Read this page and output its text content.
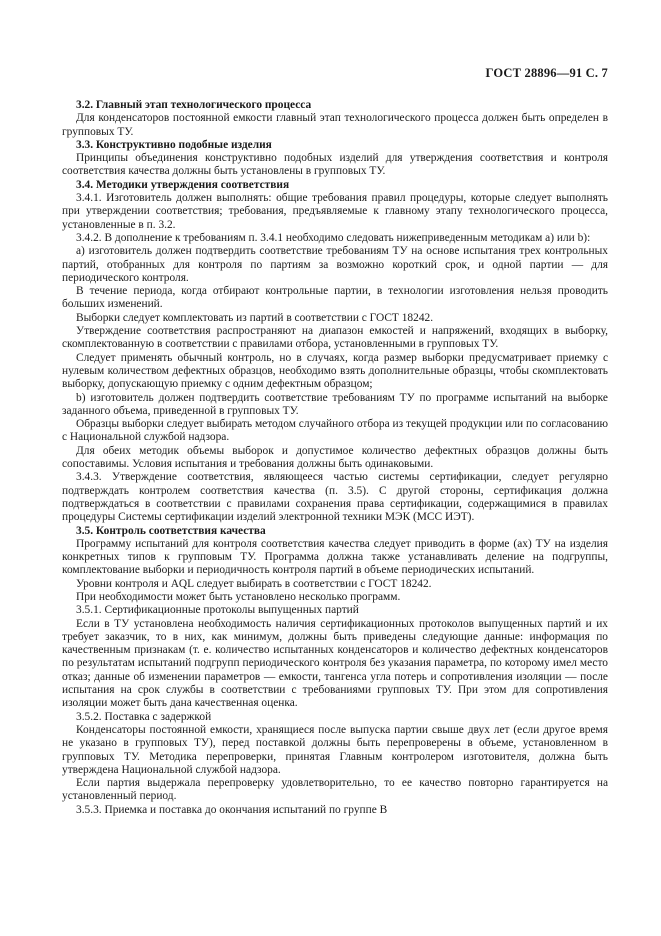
ГОСТ 28896—91 С. 7

3.2. Главный этап технологического процесса

Для конденсаторов постоянной емкости главный этап технологического процесса должен быть определен в групповых ТУ.

3.3. Конструктивно подобные изделия

Принципы объединения конструктивно подобных изделий для утверждения соответствия и контроля соответствия качества должны быть установлены в групповых ТУ.

3.4. Методики утверждения соответствия

3.4.1. Изготовитель должен выполнять: общие требования правил процедуры, которые следует выполнять при утверждении соответствия; требования, предъявляемые к главному этапу технологического процесса, установленные в п. 3.2.

3.4.2. В дополнение к требованиям п. 3.4.1 необходимо следовать нижеприведенным методикам а) или b):

а) изготовитель должен подтвердить соответствие требованиям ТУ на основе испытания трех контрольных партий, отобранных для контроля по партиям за возможно короткий срок, и одной партии — для периодического контроля.

В течение периода, когда отбирают контрольные партии, в технологии изготовления нельзя проводить больших изменений.

Выборки следует комплектовать из партий в соответствии с ГОСТ 18242.

Утверждение соответствия распространяют на диапазон емкостей и напряжений, входящих в выборку, скомплектованную в соответствии с правилами отбора, установленными в групповых ТУ.

Следует применять обычный контроль, но в случаях, когда размер выборки предусматривает приемку с нулевым количеством дефектных образцов, необходимо взять дополнительные образцы, чтобы скомплектовать выборку, допускающую приемку с одним дефектным образцом;

b) изготовитель должен подтвердить соответствие требованиям ТУ по программе испытаний на выборке заданного объема, приведенной в групповых ТУ.

Образцы выборки следует выбирать методом случайного отбора из текущей продукции или по согласованию с Национальной службой надзора.

Для обеих методик объемы выборок и допустимое количество дефектных образцов должны быть сопоставимы. Условия испытания и требования должны быть одинаковыми.

3.4.3. Утверждение соответствия, являющееся частью системы сертификации, следует регулярно подтверждать контролем соответствия качества (п. 3.5). С другой стороны, сертификация должна подтверждаться в соответствии с правилами сохранения права сертификации, содержащимися в правилах процедуры Системы сертификации изделий электронной техники МЭК (МСС ИЭТ).

3.5. Контроль соответствия качества

Программу испытаний для контроля соответствия качества следует приводить в форме (ах) ТУ на изделия конкретных типов к групповым ТУ. Программа должна также устанавливать деление на подгруппы, комплектование выборки и периодичность контроля партий в объеме периодических испытаний.

Уровни контроля и AQL следует выбирать в соответствии с ГОСТ 18242.

При необходимости может быть установлено несколько программ.

3.5.1. Сертификационные протоколы выпущенных партий

Если в ТУ установлена необходимость наличия сертификационных протоколов выпущенных партий и их требует заказчик, то в них, как минимум, должны быть приведены следующие данные: информация по качественным признакам (т. е. количество испытанных конденсаторов и количество дефектных конденсаторов по результатам испытаний подгрупп периодического контроля без указания параметра, по которому имел место отказ; данные об изменении параметров — емкости, тангенса угла потерь и сопротивления изоляции — после испытания на срок службы в соответствии с требованиями групповых ТУ. При этом для сопротивления изоляции может быть дана качественная оценка.

3.5.2. Поставка с задержкой

Конденсаторы постоянной емкости, хранящиеся после выпуска партии свыше двух лет (если другое время не указано в групповых ТУ), перед поставкой должны быть перепроверены в объеме, установленном в групповых ТУ. Методика перепроверки, принятая Главным контролером изготовителя, должна быть утверждена Национальной службой надзора.

Если партия выдержала перепроверку удовлетворительно, то ее качество повторно гарантируется на установленный период.

3.5.3. Приемка и поставка до окончания испытаний по группе В
